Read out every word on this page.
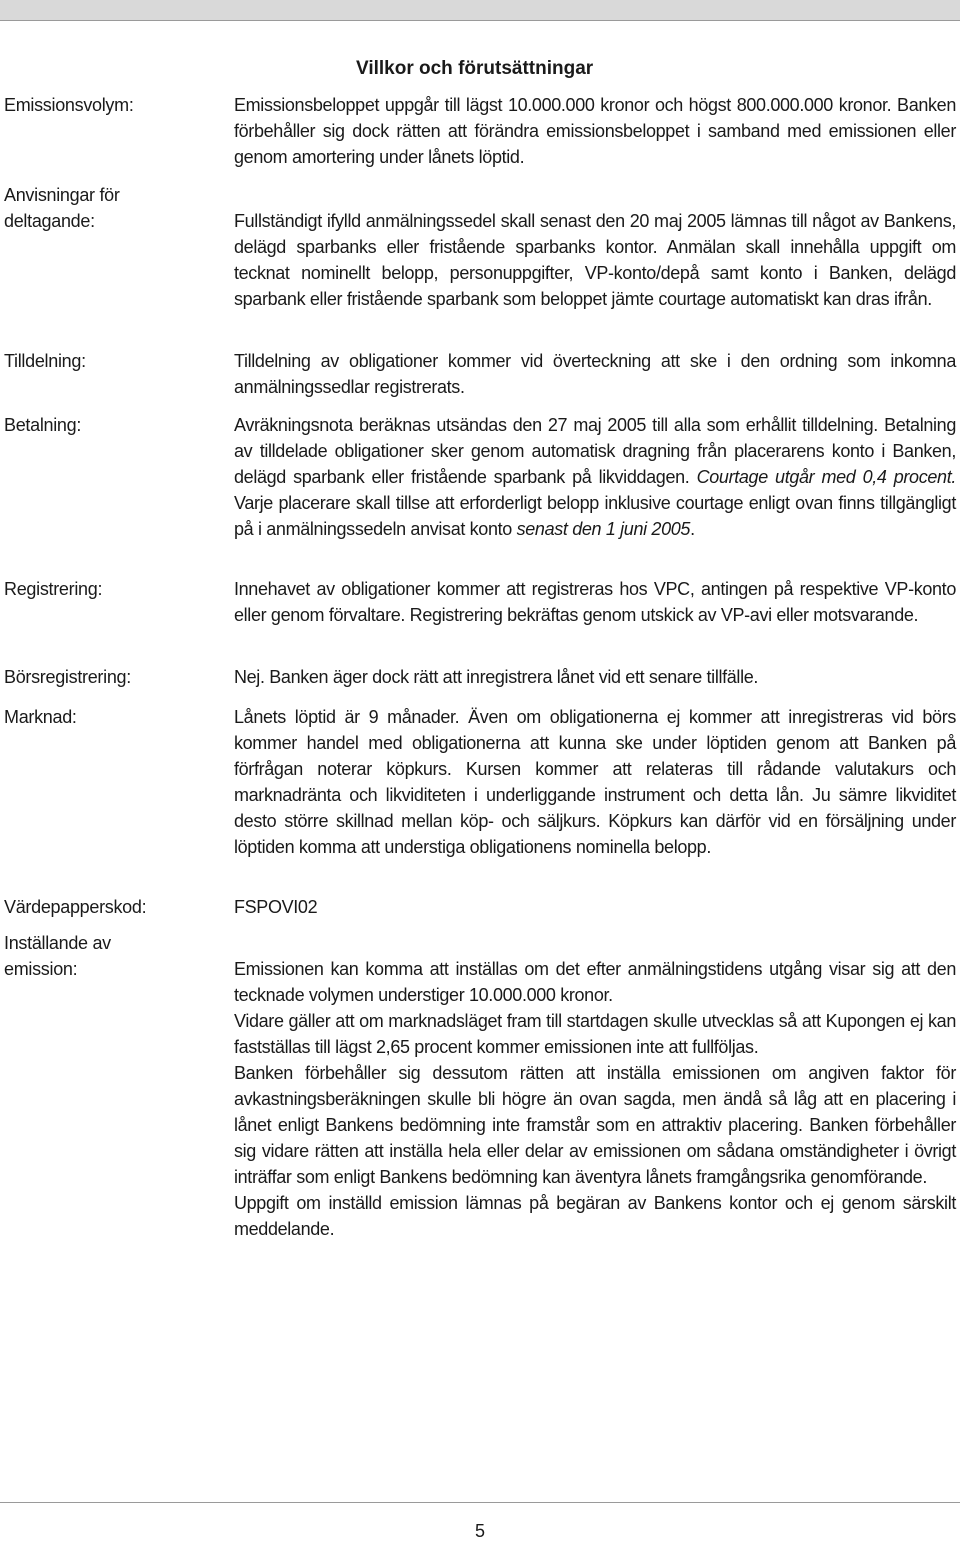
Villkor och förutsättningar
Emissionsvolym:	Emissionsbeloppet uppgår till lägst 10.000.000 kronor och högst 800.000.000 kronor. Banken förbehåller sig dock rätten att förändra emissionsbeloppet i samband med emissionen eller genom amortering under lånets löptid.
Anvisningar för
deltagande:	Fullständigt ifylld anmälningssedel skall senast den 20 maj 2005 lämnas till något av Bankens, delägd sparbanks eller fristående sparbanks kontor. Anmälan skall innehålla uppgift om tecknat nominellt belopp, personuppgifter, VP-konto/depå samt konto i Banken, delägd sparbank eller fristående sparbank som beloppet jämte courtage automatiskt kan dras ifrån.
Tilldelning:	Tilldelning av obligationer kommer vid överteckning att ske i den ordning som inkomna anmälningssedlar registrerats.
Betalning:	Avräkningsnota beräknas utsändas den 27 maj 2005 till alla som erhållit tilldelning. Betalning av tilldelade obligationer sker genom automatisk dragning från placerarens konto i Banken, delägd sparbank eller fristående sparbank på likviddagen. Courtage utgår med 0,4 procent. Varje placerare skall tillse att erforderligt belopp inklusive courtage enligt ovan finns tillgängligt på i anmälningssedeln anvisat konto senast den 1 juni 2005.
Registrering:	Innehavet av obligationer kommer att registreras hos VPC, antingen på respektive VP-konto eller genom förvaltare. Registrering bekräftas genom utskick av VP-avi eller motsvarande.
Börsregistrering:	Nej. Banken äger dock rätt att inregistrera lånet vid ett senare tillfälle.
Marknad:	Lånets löptid är 9 månader. Även om obligationerna ej kommer att inregistreras vid börs kommer handel med obligationerna att kunna ske under löptiden genom att Banken på förfrågan noterar köpkurs. Kursen kommer att relateras till rådande valutakurs och marknadränta och likviditeten i underliggande instrument och detta lån. Ju sämre likviditet desto större skillnad mellan köp- och säljkurs. Köpkurs kan därför vid en försäljning under löptiden komma att understiga obligationens nominella belopp.
Värdepapperskod:	FSPOVI02
Inställande av
emission:	Emissionen kan komma att inställas om det efter anmälningstidens utgång visar sig att den tecknade volymen understiger 10.000.000 kronor.

Vidare gäller att om marknadsläget fram till startdagen skulle utvecklas så att Kupongen ej kan fastställas till lägst 2,65 procent kommer emissionen inte att fullföljas.

Banken förbehåller sig dessutom rätten att inställa emissionen om angiven faktor för avkastningsberäkningen skulle bli högre än ovan sagda, men ändå så låg att en placering i lånet enligt Bankens bedömning inte framstår som en attraktiv placering. Banken förbehåller sig vidare rätten att inställa hela eller delar av emissionen om sådana omständigheter i övrigt inträffar som enligt Bankens bedömning kan äventyra lånets framgångsrika genomförande.

Uppgift om inställd emission lämnas på begäran av Bankens kontor och ej genom särskilt meddelande.

5
